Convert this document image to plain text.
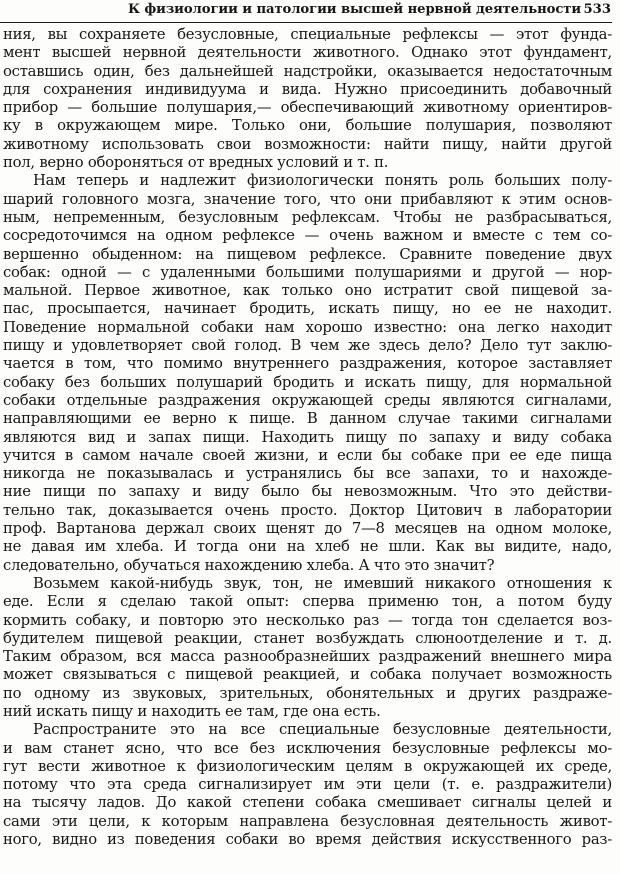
К физиологии и патологии высшей нервной деятельности 533
ния, вы сохраняете безусловные, специальные рефлексы — этот фунда-
мент высшей нервной деятельности животного. Однако этот фундамент,
оставшись один, без дальнейшей надстройки, оказывается недостаточным
для сохранения индивидуума и вида. Нужно присоединить добавочный
прибор — большие полушария,— обеспечивающий животному ориентиров-
ку в окружающем мире. Только они, большие полушария, позволяют
животному использовать свои возможности: найти пищу, найти другой
пол, верно обороняться от вредных условий и т. п.
Нам теперь и надлежит физиологически понять роль больших полу-
шарий головного мозга, значение того, что они прибавляют к этим основ-
ным, непременным, безусловным рефлексам. Чтобы не разбрасываться,
сосредоточимся на одном рефлексе — очень важном и вместе с тем со-
вершенно обыденном: на пищевом рефлексе. Сравните поведение двух
собак: одной — с удаленными большими полушариями и другой — нор-
мальной. Первое животное, как только оно истратит свой пищевой за-
пас, просыпается, начинает бродить, искать пищу, но ее не находит.
Поведение нормальной собаки нам хорошо известно: она легко находит
пищу и удовлетворяет свой голод. В чем же здесь дело? Дело тут заклю-
чается в том, что помимо внутреннего раздражения, которое заставляет
собаку без больших полушарий бродить и искать пищу, для нормальной
собаки отдельные раздражения окружающей среды являются сигналами,
направляющими ее верно к пище. В данном случае такими сигналами
являются вид и запах пищи. Находить пищу по запаху и виду собака
учится в самом начале своей жизни, и если бы собаке при ее еде пища
никогда не показывалась и устранялись бы все запахи, то и нахожде-
ние пищи по запаху и виду было бы невозможным. Что это действи-
тельно так, доказывается очень просто. Доктор Цитович в лаборатории
проф. Вартанова держал своих щенят до 7—8 месяцев на одном молоке,
не давая им хлеба. И тогда они на хлеб не шли. Как вы видите, надо,
следовательно, обучаться нахождению хлеба. А что это значит?
Возьмем какой-нибудь звук, тон, не имевший никакого отношения к
еде. Если я сделаю такой опыт: сперва применю тон, а потом буду
кормить собаку, и повторю это несколько раз — тогда тон сделается воз-
будителем пищевой реакции, станет возбуждать слюноотделение и т. д.
Таким образом, вся масса разнообразнейших раздражений внешнего мира
может связываться с пищевой реакцией, и собака получает возможность
по одному из звуковых, зрительных, обонятельных и других раздраже-
ний искать пищу и находить ее там, где она есть.
Распространите это на все специальные безусловные деятельности,
и вам станет ясно, что все без исключения безусловные рефлексы мо-
гут вести животное к физиологическим целям в окружающей их среде,
потому что эта среда сигнализирует им эти цели (т. е. раздражители)
на тысячу ладов. До какой степени собака смешивает сигналы целей и
сами эти цели, к которым направлена безусловная деятельность живот-
ного, видно из поведения собаки во время действия искусственного раз-
